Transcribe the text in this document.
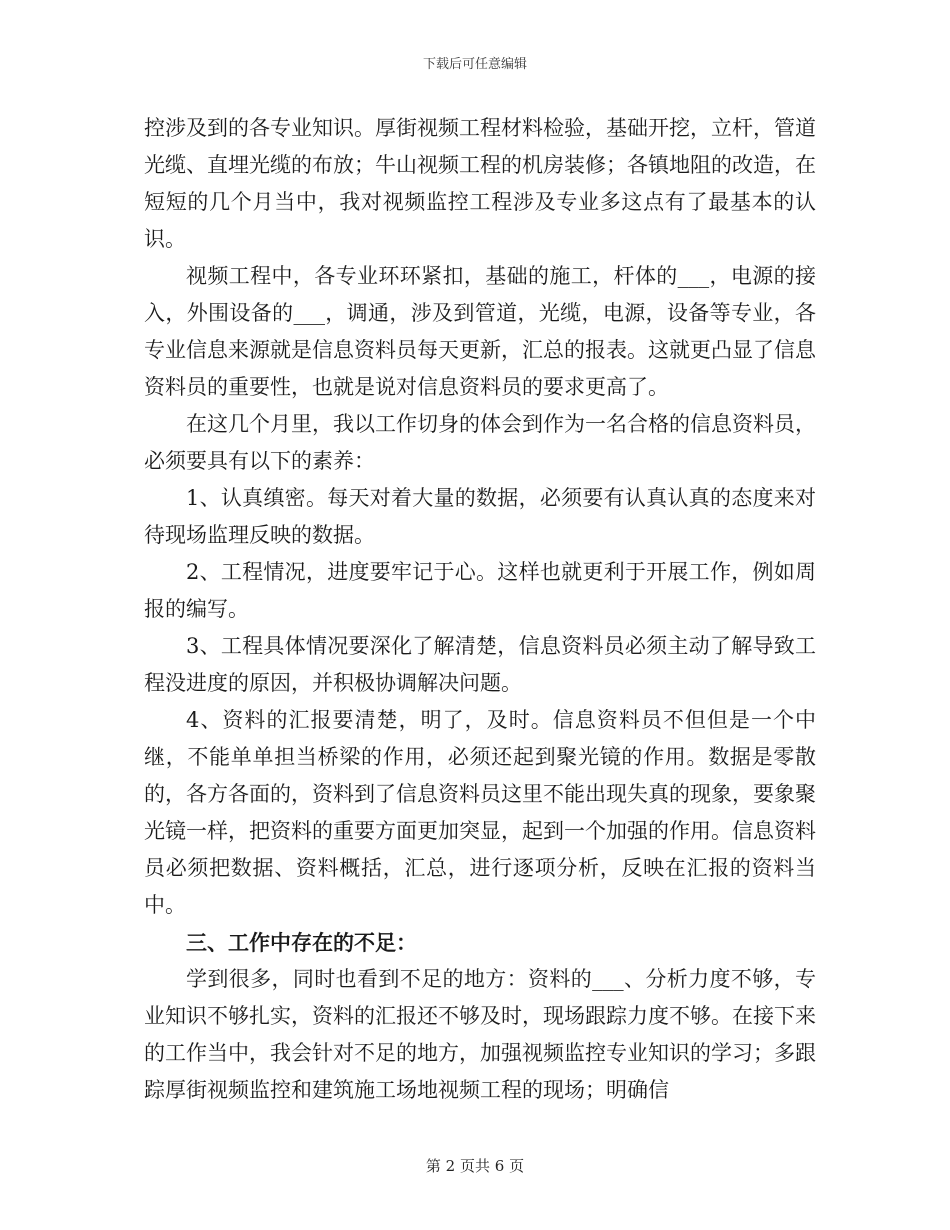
下载后可任意编辑

控涉及到的各专业知识。厚街视频工程材料检验，基础开挖，立杆，管道光缆、直埋光缆的布放；牛山视频工程的机房装修；各镇地阻的改造，在短短的几个月当中，我对视频监控工程涉及专业多这点有了最基本的认识。

视频工程中，各专业环环紧扣，基础的施工，杆体的___，电源的接入，外围设备的___，调通，涉及到管道，光缆，电源，设备等专业，各专业信息来源就是信息资料员每天更新，汇总的报表。这就更凸显了信息资料员的重要性，也就是说对信息资料员的要求更高了。

在这几个月里，我以工作切身的体会到作为一名合格的信息资料员，必须要具有以下的素养：

1、认真缜密。每天对着大量的数据，必须要有认真认真的态度来对待现场监理反映的数据。

2、工程情况，进度要牢记于心。这样也就更利于开展工作，例如周报的编写。

3、工程具体情况要深化了解清楚，信息资料员必须主动了解导致工程没进度的原因，并积极协调解决问题。

4、资料的汇报要清楚，明了，及时。信息资料员不但但是一个中继，不能单单担当桥梁的作用，必须还起到聚光镜的作用。数据是零散的，各方各面的，资料到了信息资料员这里不能出现失真的现象，要象聚光镜一样，把资料的重要方面更加突显，起到一个加强的作用。信息资料员必须把数据、资料概括，汇总，进行逐项分析，反映在汇报的资料当中。

三、工作中存在的不足：

学到很多，同时也看到不足的地方：资料的___、分析力度不够，专业知识不够扎实，资料的汇报还不够及时，现场跟踪力度不够。在接下来的工作当中，我会针对不足的地方，加强视频监控专业知识的学习；多跟踪厚街视频监控和建筑施工场地视频工程的现场；明确信

第 2 页共 6 页
